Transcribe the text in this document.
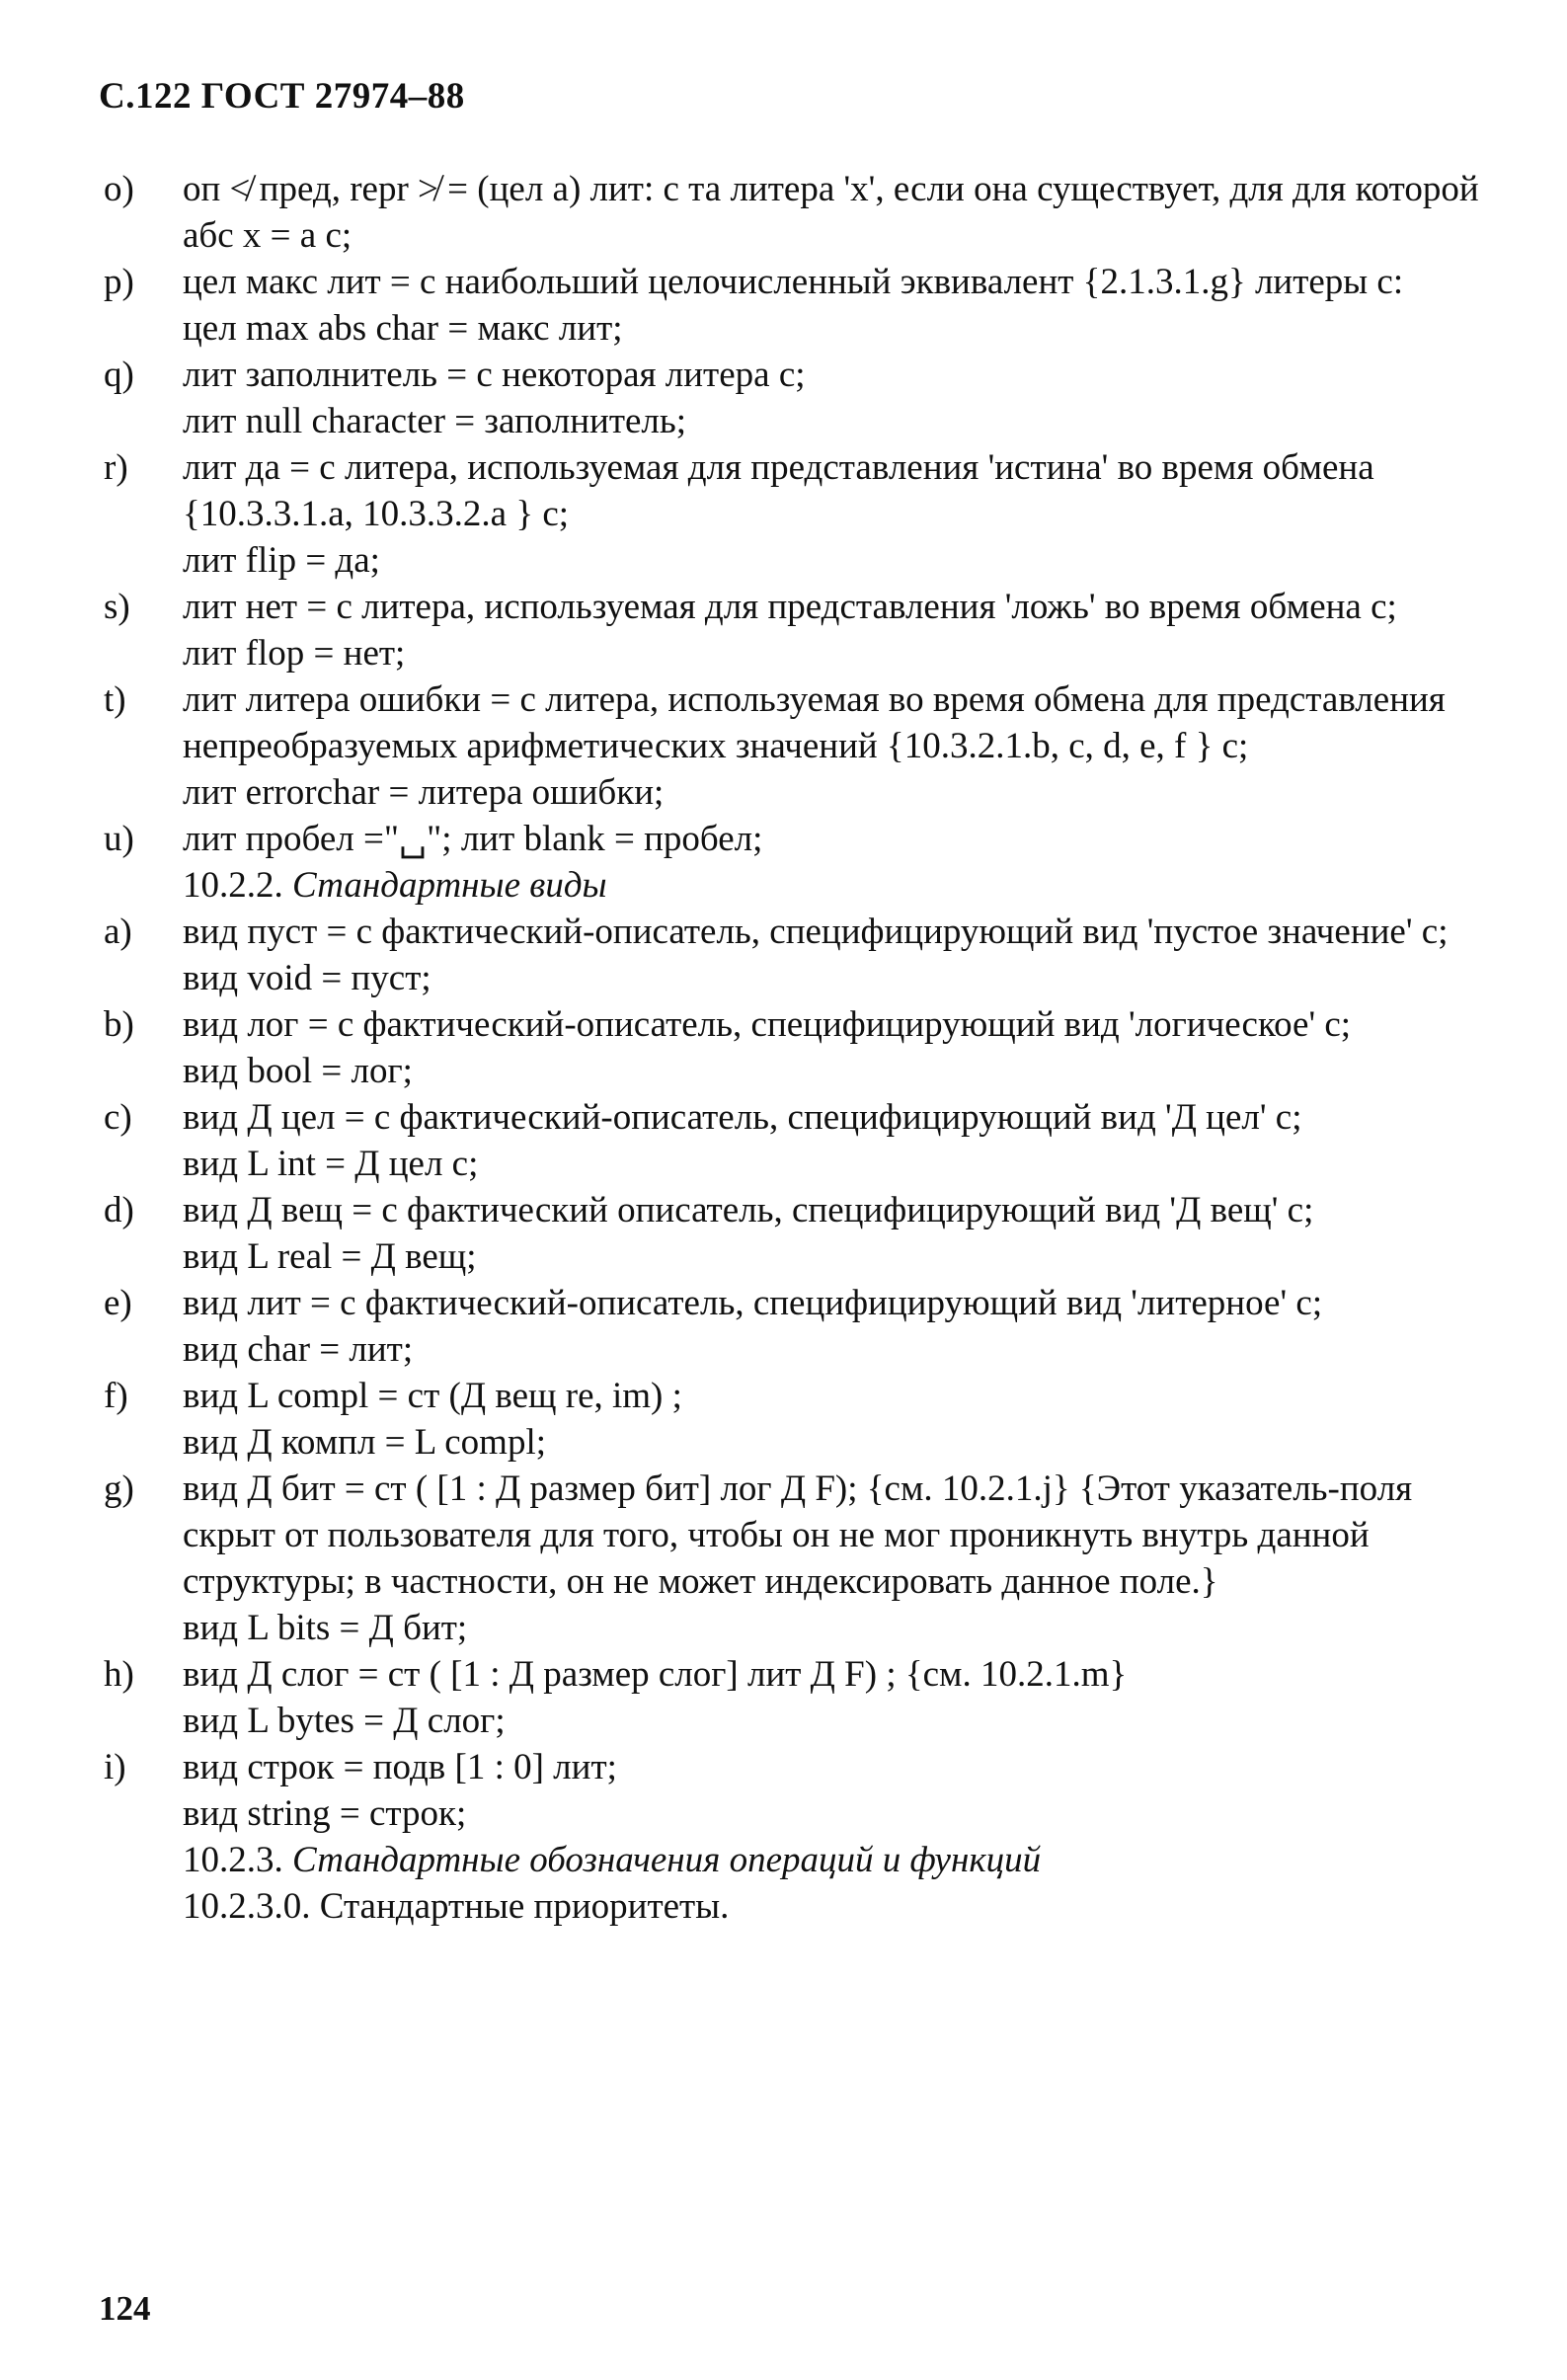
С.122 ГОСТ 27974–88
o) оп ≮ пред, repr ≯ = (цел a) лит: с та литера 'x', если она существует, для для которой абс x = a с;
p) цел макс лит = с наибольший целочисленный эквивалент {2.1.3.1.g} литеры с:
цел max abs char = макс лит;
q) лит заполнитель = с некоторая литера с;
лит null character = заполнитель;
r) лит да = с литера, используемая для представления 'истина' во время обмена {10.3.3.1.a, 10.3.3.2.a } с;
лит flip = да;
s) лит нет = с литера, используемая для представления 'ложь' во время обмена с;
лит flop = нет;
t) лит литера ошибки = с литера, используемая во время обмена для представления непреобразуемых арифметических значений {10.3.2.1.b, c, d, e, f } с;
лит errorchar = литера ошибки;
u) лит пробел ="␣"; лит blank = пробел;
10.2.2. Стандартные виды
a) вид пуст = с фактический-описатель, специфицирующий вид 'пустое значение' с;
вид void = пуст;
b) вид лог = с фактический-описатель, специфицирующий вид 'логическое' с;
вид bool = лог;
c) вид Д цел = с фактический-описатель, специфицирующий вид 'Д цел' с;
вид L int = Д цел с;
d) вид Д вещ = с фактический описатель, специфицирующий вид 'Д вещ' с;
вид L real = Д вещ;
e) вид лит = с фактический-описатель, специфицирующий вид 'литерное' с;
вид char = лит;
f) вид L compl = ст (Д вещ re, im) ;
вид Д компл = L compl;
g) вид Д бит = ст ( [1 : Д размер бит] лог Д F); {см. 10.2.1.j} {Этот указатель-поля скрыт от пользователя для того, чтобы он не мог проникнуть внутрь данной структуры; в частности, он не может индексировать данное поле.}
вид L bits = Д бит;
h) вид Д слог = ст ( [1 : Д размер слог] лит Д F) ; {см. 10.2.1.m}
вид L bytes = Д слог;
i) вид строк = подв [1 : 0] лит;
вид string = строк;
10.2.3. Стандартные обозначения операций и функций
10.2.3.0. Стандартные приоритеты.
124
